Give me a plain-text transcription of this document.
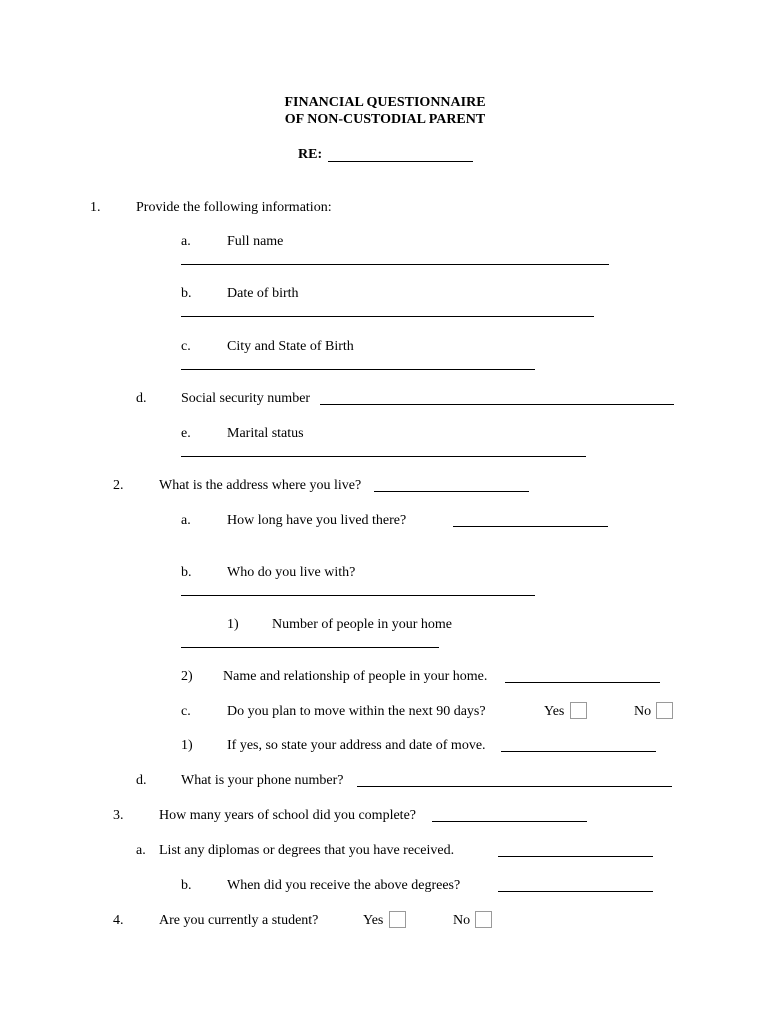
FINANCIAL QUESTIONNAIRE
OF NON-CUSTODIAL PARENT
RE:
1.	Provide the following information:
a.	Full name
b.	Date of birth
c.	City and State of Birth
d. Social security number
e.	Marital status
2.	What is the address where you live?
a.	How long have you lived there?
b.	Who do you live with?
1) Number of people in your home
2) Name and relationship of people in your home.
c.	Do you plan to move within the next 90 days?	Yes	No
1) If yes, so state your address and date of move.
d. What is your phone number?
3.	How many years of school did you complete?
a. List any diplomas or degrees that you have received.
b.	When did you receive the above degrees?
4.	Are you currently a student?	Yes	No
